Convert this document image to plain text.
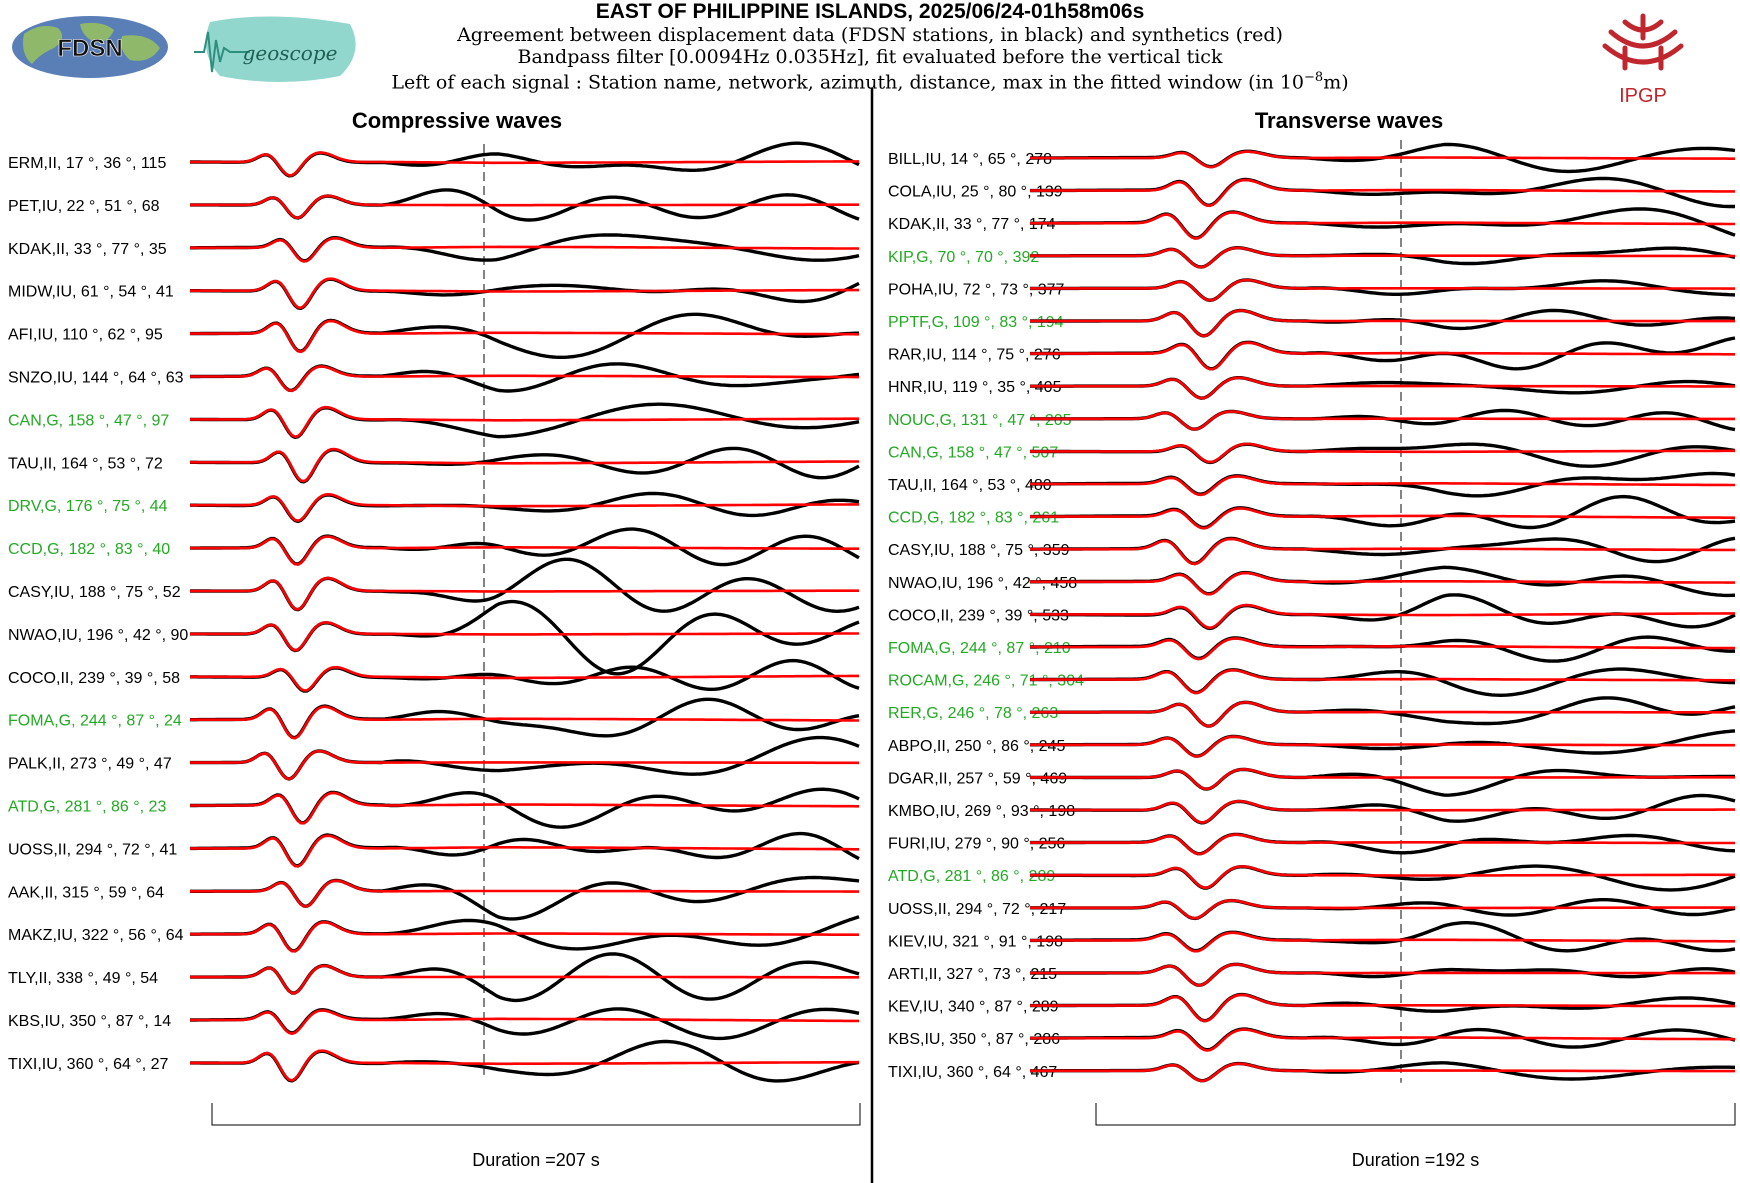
EAST OF PHILIPPINE ISLANDS, 2025/06/24-01h58m06s
Agreement between displacement data (FDSN stations, in black) and synthetics (red)
Bandpass filter [0.0094Hz 0.035Hz], fit evaluated before the vertical tick
Left of each signal : Station name, network, azimuth, distance, max in the fitted window (in $10^{-8}m$)
FDSN	geoscope
IPGP
Compressive waves
ERM,II, 17 °, 36 °, 115
PET,IU, 22 °, 51 °, 68
KDAK,II, 33 °, 77 °, 35
MIDW,IU, 61 °, 54 °, 41
AFI,IU, 110 °, 62 °, 95
SNZO,IU, 144 °, 64 °, 63
CAN,G, 158 °, 47 °, 97
TAU,II, 164 °, 53 °, 72
DRV,G, 176 °, 75 °, 44
CCD,G, 182 °, 83 °, 40
CASY,IU, 188 °, 75 °, 52
NWAO,IU, 196 °, 42 °, 90
COCO,II, 239 °, 39 °, 58
FOMA,G, 244 °, 87 °, 24
PALK,II, 273 °, 49 °, 47
ATD,G, 281 °, 86 °, 23
UOSS,II, 294 °, 72 °, 41
AAK,II, 315 °, 59 °, 64
MAKZ,IU, 322 °, 56 °, 64
TLY,II, 338 °, 49 °, 54
KBS,IU, 350 °, 87 °, 14
TIXI,IU, 360 °, 64 °, 27
Duration =207 s
Transverse waves
BILL,IU, 14 °, 65 °, 278
COLA,IU, 25 °, 80 °, 139
KDAK,II, 33 °, 77 °, 174
KIP,G, 70 °, 70 °, 392
POHA,IU, 72 °, 73 °, 377
PPTF,G, 109 °, 83 °, 194
RAR,IU, 114 °, 75 °, 276
HNR,IU, 119 °, 35 °, 405
NOUC,G, 131 °, 47 °, 205
CAN,G, 158 °, 47 °, 507
TAU,II, 164 °, 53 °, 480
CCD,G, 182 °, 83 °, 261
CASY,IU, 188 °, 75 °, 359
NWAO,IU, 196 °, 42 °, 458
COCO,II, 239 °, 39 °, 533
FOMA,G, 244 °, 87 °, 210
ROCAM,G, 246 °, 71 °, 304
RER,G, 246 °, 78 °, 263
ABPO,II, 250 °, 86 °, 245
DGAR,II, 257 °, 59 °, 469
KMBO,IU, 269 °, 93 °, 198
FURI,IU, 279 °, 90 °, 256
ATD,G, 281 °, 86 °, 289
UOSS,II, 294 °, 72 °, 217
KIEV,IU, 321 °, 91 °, 198
ARTI,II, 327 °, 73 °, 215
KEV,IU, 340 °, 87 °, 289
KBS,IU, 350 °, 87 °, 286
TIXI,IU, 360 °, 64 °, 467
Duration =192 s
